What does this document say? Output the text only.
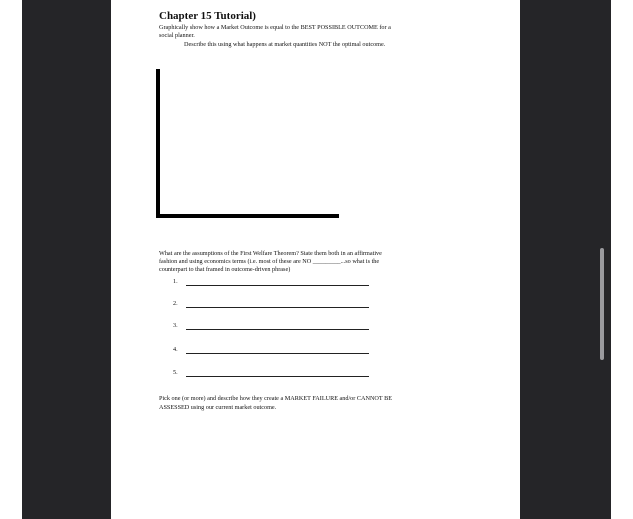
Chapter 15 Tutorial)
Graphically show how a Market Outcome is equal to the BEST POSSIBLE OUTCOME for a
social planner.
Describe this using what happens at market quantities NOT the optimal outcome.
What are the assumptions of the First Welfare Theorem? State them both in an affirmative
fashion and using economics terms (i.e. most of these are NO _________...so what is the
counterpart to that framed in outcome-driven phrase)
1.
2.
3.
4.
5.
Pick one (or more) and describe how they create a MARKET FAILURE and/or CANNOT BE
ASSESSED using our current market outcome.
